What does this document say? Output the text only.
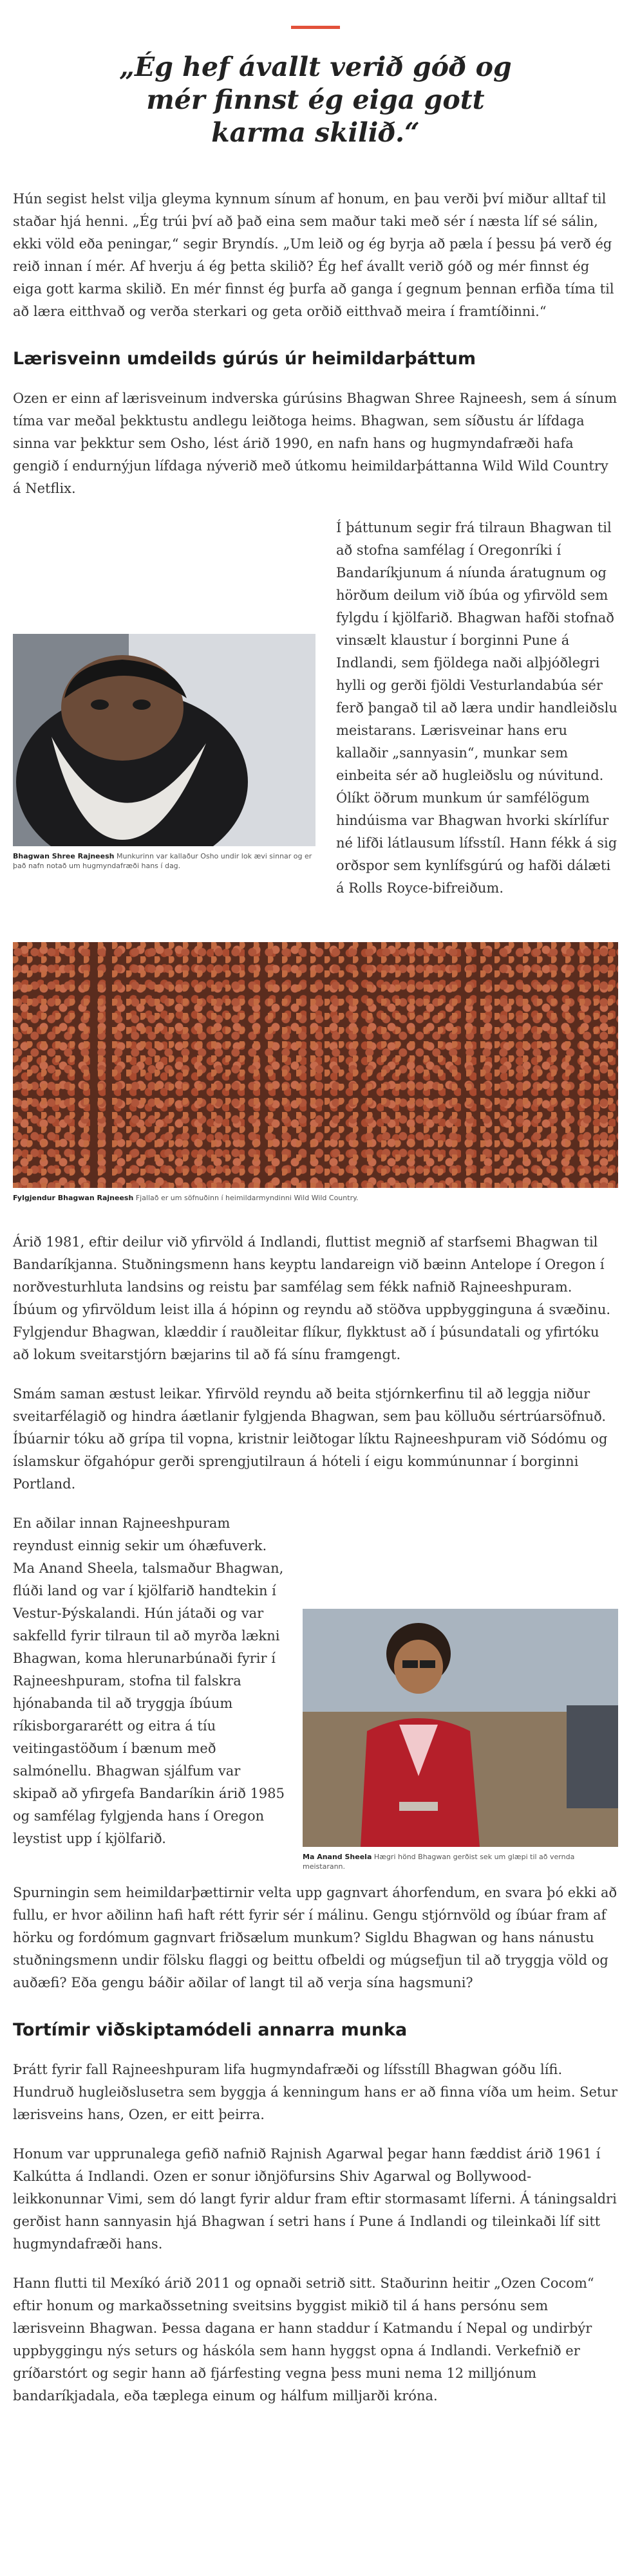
„Ég hef ávallt verið góð og mér finnst ég eiga gott karma skilið.“

Hún segist helst vilja gleyma kynnum sínum af honum, en þau verði því miður alltaf til staðar hjá henni. „Ég trúi því að það eina sem maður taki með sér í næsta líf sé sálin, ekki völd eða peningar,“ segir Bryndís. „Um leið og ég byrja að pæla í þessu þá verð ég reið innan í mér. Af hverju á ég þetta skilið? Ég hef ávallt verið góð og mér finnst ég eiga gott karma skilið. En mér finnst ég þurfa að ganga í gegnum þennan erfiða tíma til að læra eitthvað og verða sterkari og geta orðið eitthvað meira í framtíðinni.“

Lærisveinn umdeilds gúrús úr heimildarþáttum

Ozen er einn af lærisveinum indverska gúrúsins Bhagwan Shree Rajneesh, sem á sínum tíma var meðal þekktustu andlegu leiðtoga heims. Bhagwan, sem síðustu ár lífdaga sinna var þekktur sem Osho, lést árið 1990, en nafn hans og hugmyndafræði hafa gengið í endurnýjun lífdaga nýverið með útkomu heimildarþáttanna Wild Wild Country á Netflix.

Bhagwan Shree Rajneesh Munkurinn var kallaður Osho undir lok ævi sinnar og er það nafn notað um hugmyndafræði hans í dag.

Í þáttunum segir frá tilraun Bhagwan til að stofna samfélag í Oregonríki í Bandaríkjunum á níunda áratugnum og hörðum deilum við íbúa og yfirvöld sem fylgdu í kjölfarið. Bhagwan hafði stofnað vinsælt klaustur í borginni Pune á Indlandi, sem fjöldega naði alþjóðlegri hylli og gerði fjöldi Vesturlandabúa sér ferð þangað til að læra undir handleiðslu meistarans. Lærisveinar hans eru kallaðir „sannyasin“, munkar sem einbeita sér að hugleiðslu og núvitund. Ólíkt öðrum munkum úr samfélögum hindúisma var Bhagwan hvorki skírlífur né lifði látlausum lífsstíl. Hann fékk á sig orðspor sem kynlífsgúrú og hafði dálæti á Rolls Royce-bifreiðum.

Fylgjendur Bhagwan Rajneesh Fjallað er um söfnuðinn í heimildarmyndinni Wild Wild Country.

Árið 1981, eftir deilur við yfirvöld á Indlandi, fluttist megnið af starfsemi Bhagwan til Bandaríkjanna. Stuðningsmenn hans keyptu landareign við bæinn Antelope í Oregon í norðvesturhluta landsins og reistu þar samfélag sem fékk nafnið Rajneeshpuram. Íbúum og yfirvöldum leist illa á hópinn og reyndu að stöðva uppbygginguna á svæðinu. Fylgjendur Bhagwan, klæddir í rauðleitar flíkur, flykktust að í þúsundatali og yfirtóku að lokum sveitarstjórn bæjarins til að fá sínu framgengt.

Smám saman æstust leikar. Yfirvöld reyndu að beita stjórnkerfinu til að leggja niður sveitarfélagið og hindra áætlanir fylgjenda Bhagwan, sem þau kölluðu sértrúarsöfnuð. Íbúarnir tóku að grípa til vopna, kristnir leiðtogar líktu Rajneeshpuram við Sódómu og íslamskur öfgahópur gerði sprengjutilraun á hóteli í eigu kommúnunnar í borginni Portland.

Ma Anand Sheela Hægri hönd Bhagwan gerðist sek um glæpi til að vernda meistarann.

En aðilar innan Rajneeshpuram reyndust einnig sekir um óhæfuverk. Ma Anand Sheela, talsmaður Bhagwan, flúði land og var í kjölfarið handtekin í Vestur-Þýskalandi. Hún játaði og var sakfelld fyrir tilraun til að myrða lækni Bhagwan, koma hlerunarbúnaði fyrir í Rajneeshpuram, stofna til falskra hjónabanda til að tryggja íbúum ríkisborgararétt og eitra á tíu veitingastöðum í bænum með salmónellu. Bhagwan sjálfum var skipað að yfirgefa Bandaríkin árið 1985 og samfélag fylgjenda hans í Oregon leystist upp í kjölfarið.

Spurningin sem heimildarþættirnir velta upp gagnvart áhorfendum, en svara þó ekki að fullu, er hvor aðilinn hafi haft rétt fyrir sér í málinu. Gengu stjórnvöld og íbúar fram af hörku og fordómum gagnvart friðsælum munkum? Sigldu Bhagwan og hans nánustu stuðningsmenn undir fölsku flaggi og beittu ofbeldi og múgsefjun til að tryggja völd og auðæfi? Eða gengu báðir aðilar of langt til að verja sína hagsmuni?

Tortímir viðskiptamódeli annarra munka

Þrátt fyrir fall Rajneeshpuram lifa hugmyndafræði og lífsstíll Bhagwan góðu lífi. Hundruð hugleiðslusetra sem byggja á kenningum hans er að finna víða um heim. Setur lærisveins hans, Ozen, er eitt þeirra.

Honum var upprunalega gefið nafnið Rajnish Agarwal þegar hann fæddist árið 1961 í Kalkútta á Indlandi. Ozen er sonur iðnjöfursins Shiv Agarwal og Bollywood-leikkonunnar Vimi, sem dó langt fyrir aldur fram eftir stormasamt líferni. Á táningsaldri gerðist hann sannyasin hjá Bhagwan í setri hans í Pune á Indlandi og tileinkaði líf sitt hugmyndafræði hans.

Hann flutti til Mexíkó árið 2011 og opnaði setrið sitt. Staðurinn heitir „Ozen Cocom“ eftir honum og markaðssetning sveitsins byggist mikið til á hans persónu sem lærisveinn Bhagwan. Þessa dagana er hann staddur í Katmandu í Nepal og undirbýr uppbyggingu nýs seturs og háskóla sem hann hyggst opna á Indlandi. Verkefnið er gríðarstórt og segir hann að fjárfesting vegna þess muni nema 12 milljónum bandaríkjadala, eða tæplega einum og hálfum milljarði króna.
